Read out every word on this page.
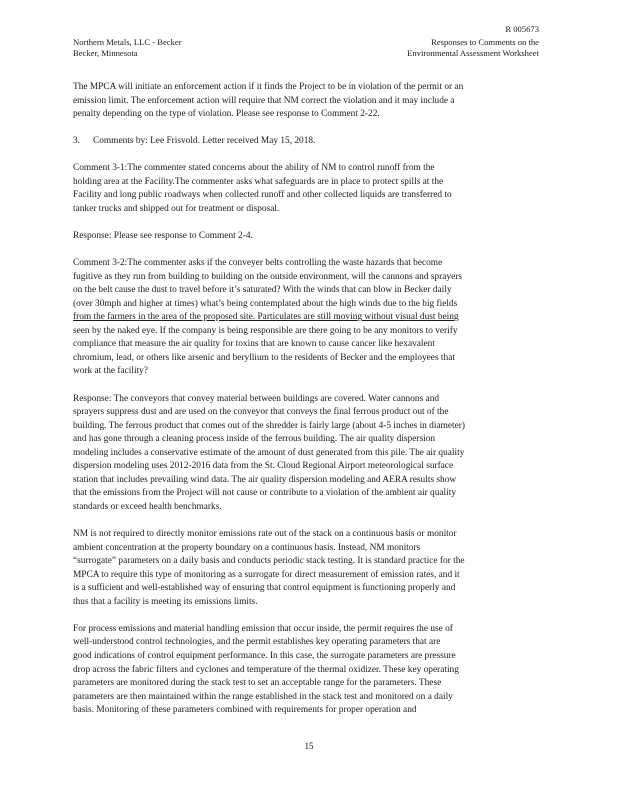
R 005673
Northern Metals, LLC - Becker
Becker, Minnesota
Responses to Comments on the
Environmental Assessment Worksheet
The MPCA will initiate an enforcement action if it finds the Project to be in violation of the permit or an
emission limit. The enforcement action will require that NM correct the violation and it may include a
penalty depending on the type of violation. Please see response to Comment 2-22.
3. Comments by: Lee Frisvold. Letter received May 15, 2018.
Comment 3-1:The commenter stated concerns about the ability of NM to control runoff from the
holding area at the Facility.The commenter asks what safeguards are in place to protect spills at the
Facility and long public roadways when collected runoff and other collected liquids are transferred to
tanker trucks and shipped out for treatment or disposal.
Response: Please see response to Comment 2-4.
Comment 3-2:The commenter asks if the conveyer belts controlling the waste hazards that become
fugitive as they run from building to building on the outside environment, will the cannons and sprayers
on the belt cause the dust to travel before it’s saturated? With the winds that can blow in Becker daily
(over 30mph and higher at times) what’s being contemplated about the high winds due to the big fields
from the farmers in the area of the proposed site. Particulates are still moving without visual dust being
seen by the naked eye. If the company is being responsible are there going to be any monitors to verify
compliance that measure the air quality for toxins that are known to cause cancer like hexavalent
chromium, lead, or others like arsenic and beryllium to the residents of Becker and the employees that
work at the facility?
Response: The conveyors that convey material between buildings are covered. Water cannons and
sprayers suppress dust and are used on the conveyor that conveys the final ferrous product out of the
building. The ferrous product that comes out of the shredder is fairly large (about 4-5 inches in diameter)
and has gone through a cleaning process inside of the ferrous building. The air quality dispersion
modeling includes a conservative estimate of the amount of dust generated from this pile. The air quality
dispersion modeling uses 2012-2016 data from the St. Cloud Regional Airport meteorological surface
station that includes prevailing wind data. The air quality dispersion modeling and AERA results show
that the emissions from the Project will not cause or contribute to a violation of the ambient air quality
standards or exceed health benchmarks.
NM is not required to directly monitor emissions rate out of the stack on a continuous basis or monitor
ambient concentration at the property boundary on a continuous basis. Instead, NM monitors
“surrogate” parameters on a daily basis and conducts periodic stack testing. It is standard practice for the
MPCA to require this type of monitoring as a surrogate for direct measurement of emission rates, and it
is a sufficient and well-established way of ensuring that control equipment is functioning properly and
thus that a facility is meeting its emissions limits.
For process emissions and material handling emission that occur inside, the permit requires the use of
well-understood control technologies, and the permit establishes key operating parameters that are
good indications of control equipment performance. In this case, the surrogate parameters are pressure
drop across the fabric filters and cyclones and temperature of the thermal oxidizer. These key operating
parameters are monitored during the stack test to set an acceptable range for the parameters. These
parameters are then maintained within the range established in the stack test and monitored on a daily
basis. Monitoring of these parameters combined with requirements for proper operation and
15
